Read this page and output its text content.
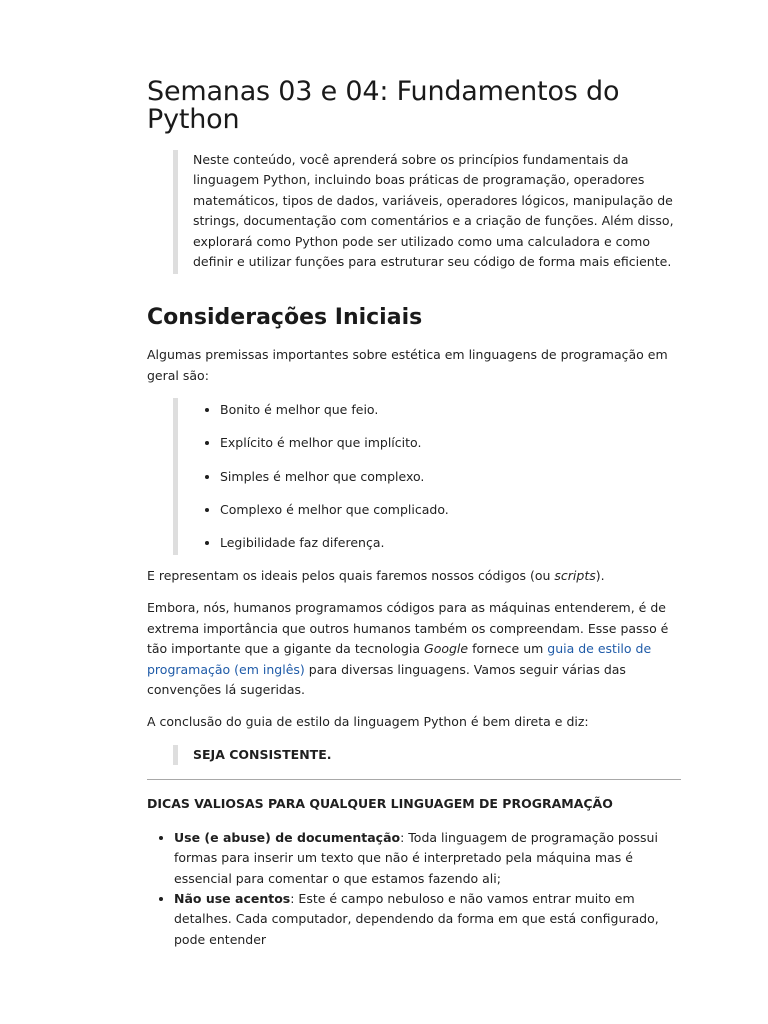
Semanas 03 e 04: Fundamentos do Python
Neste conteúdo, você aprenderá sobre os princípios fundamentais da linguagem Python, incluindo boas práticas de programação, operadores matemáticos, tipos de dados, variáveis, operadores lógicos, manipulação de strings, documentação com comentários e a criação de funções. Além disso, explorará como Python pode ser utilizado como uma calculadora e como definir e utilizar funções para estruturar seu código de forma mais eficiente.
Considerações Iniciais

Algumas premissas importantes sobre estética em linguagens de programação em geral são:

• Bonito é melhor que feio.
• Explícito é melhor que implícito.
• Simples é melhor que complexo.
• Complexo é melhor que complicado.
• Legibilidade faz diferença.

E representam os ideais pelos quais faremos nossos códigos (ou scripts).

Embora, nós, humanos programamos códigos para as máquinas entenderem, é de extrema importância que outros humanos também os compreendam. Esse passo é tão importante que a gigante da tecnologia Google fornece um guia de estilo de programação (em inglês) para diversas linguagens. Vamos seguir várias das convenções lá sugeridas.

A conclusão do guia de estilo da linguagem Python é bem direta e diz:

SEJA CONSISTENTE.
DICAS VALIOSAS PARA QUALQUER LINGUAGEM DE PROGRAMAÇÃO
• Use (e abuse) de documentação: Toda linguagem de programação possui formas para inserir um texto que não é interpretado pela máquina mas é essencial para comentar o que estamos fazendo ali;
• Não use acentos: Este é campo nebuloso e não vamos entrar muito em detalhes. Cada computador, dependendo da forma em que está configurado, pode entender
